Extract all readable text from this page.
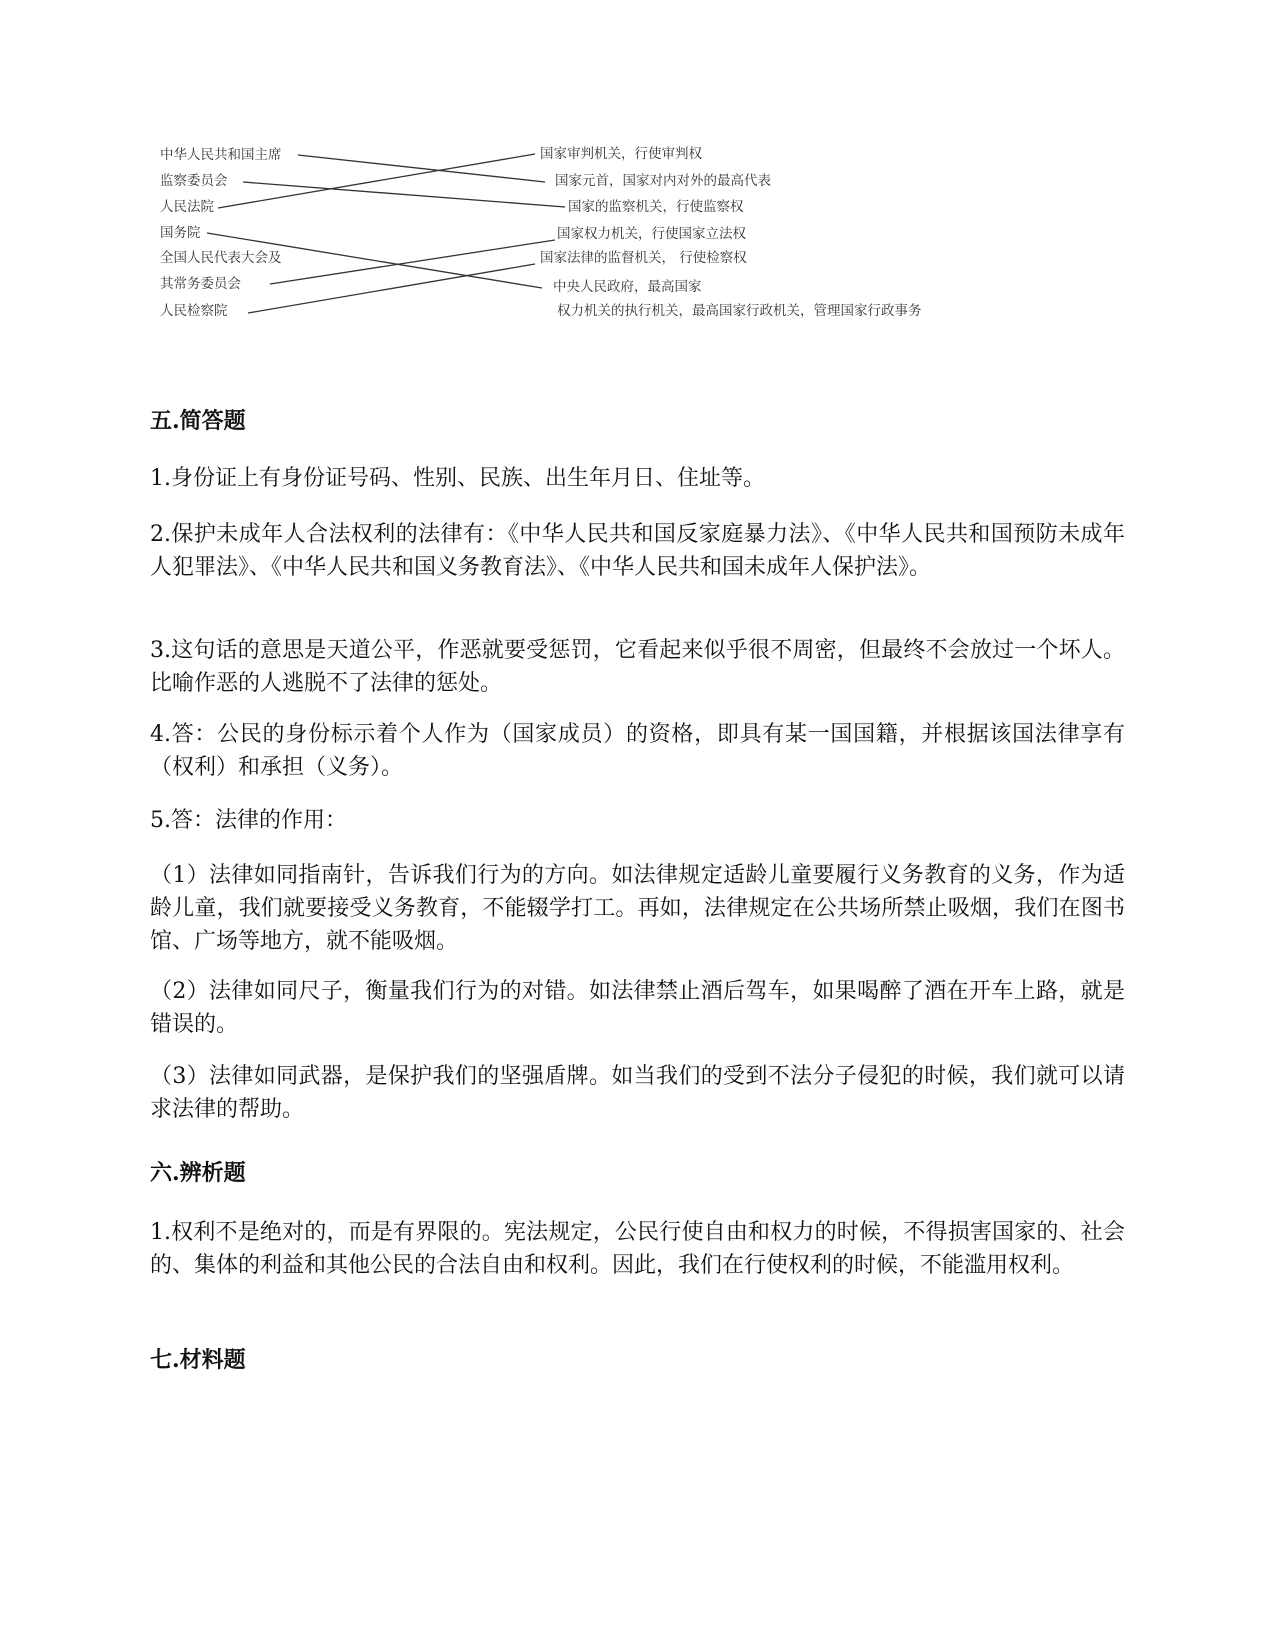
中华人民共和国主席
监察委员会
人民法院
国务院
全国人民代表大会及
其常务委员会
人民检察院
国家审判机关，行使审判权
国家元首，国家对内对外的最高代表
国家的监察机关，行使监察权
国家权力机关，行使国家立法权
国家法律的监督机关， 行使检察权
中央人民政府，最高国家
权力机关的执行机关，最高国家行政机关，管理国家行政事务
五.简答题

1.身份证上有身份证号码、性别、民族、出生年月日、住址等。

2.保护未成年人合法权利的法律有：《中华人民共和国反家庭暴力法》、《中华人民共和国预防未成年人犯罪法》、《中华人民共和国义务教育法》、《中华人民共和国未成年人保护法》。

3.这句话的意思是天道公平，作恶就要受惩罚，它看起来似乎很不周密，但最终不会放过一个坏人。比喻作恶的人逃脱不了法律的惩处。

4.答：公民的身份标示着个人作为（国家成员）的资格，即具有某一国国籍，并根据该国法律享有（权利）和承担（义务）。

5.答：法律的作用：

（1）法律如同指南针，告诉我们行为的方向。如法律规定适龄儿童要履行义务教育的义务，作为适龄儿童，我们就要接受义务教育，不能辍学打工。再如，法律规定在公共场所禁止吸烟，我们在图书馆、广场等地方，就不能吸烟。

（2）法律如同尺子，衡量我们行为的对错。如法律禁止酒后驾车，如果喝醉了酒在开车上路，就是错误的。

（3）法律如同武器，是保护我们的坚强盾牌。如当我们的受到不法分子侵犯的时候，我们就可以请求法律的帮助。

六.辨析题

1.权利不是绝对的，而是有界限的。宪法规定，公民行使自由和权力的时候，不得损害国家的、社会的、集体的利益和其他公民的合法自由和权利。因此，我们在行使权利的时候，不能滥用权利。

七.材料题
